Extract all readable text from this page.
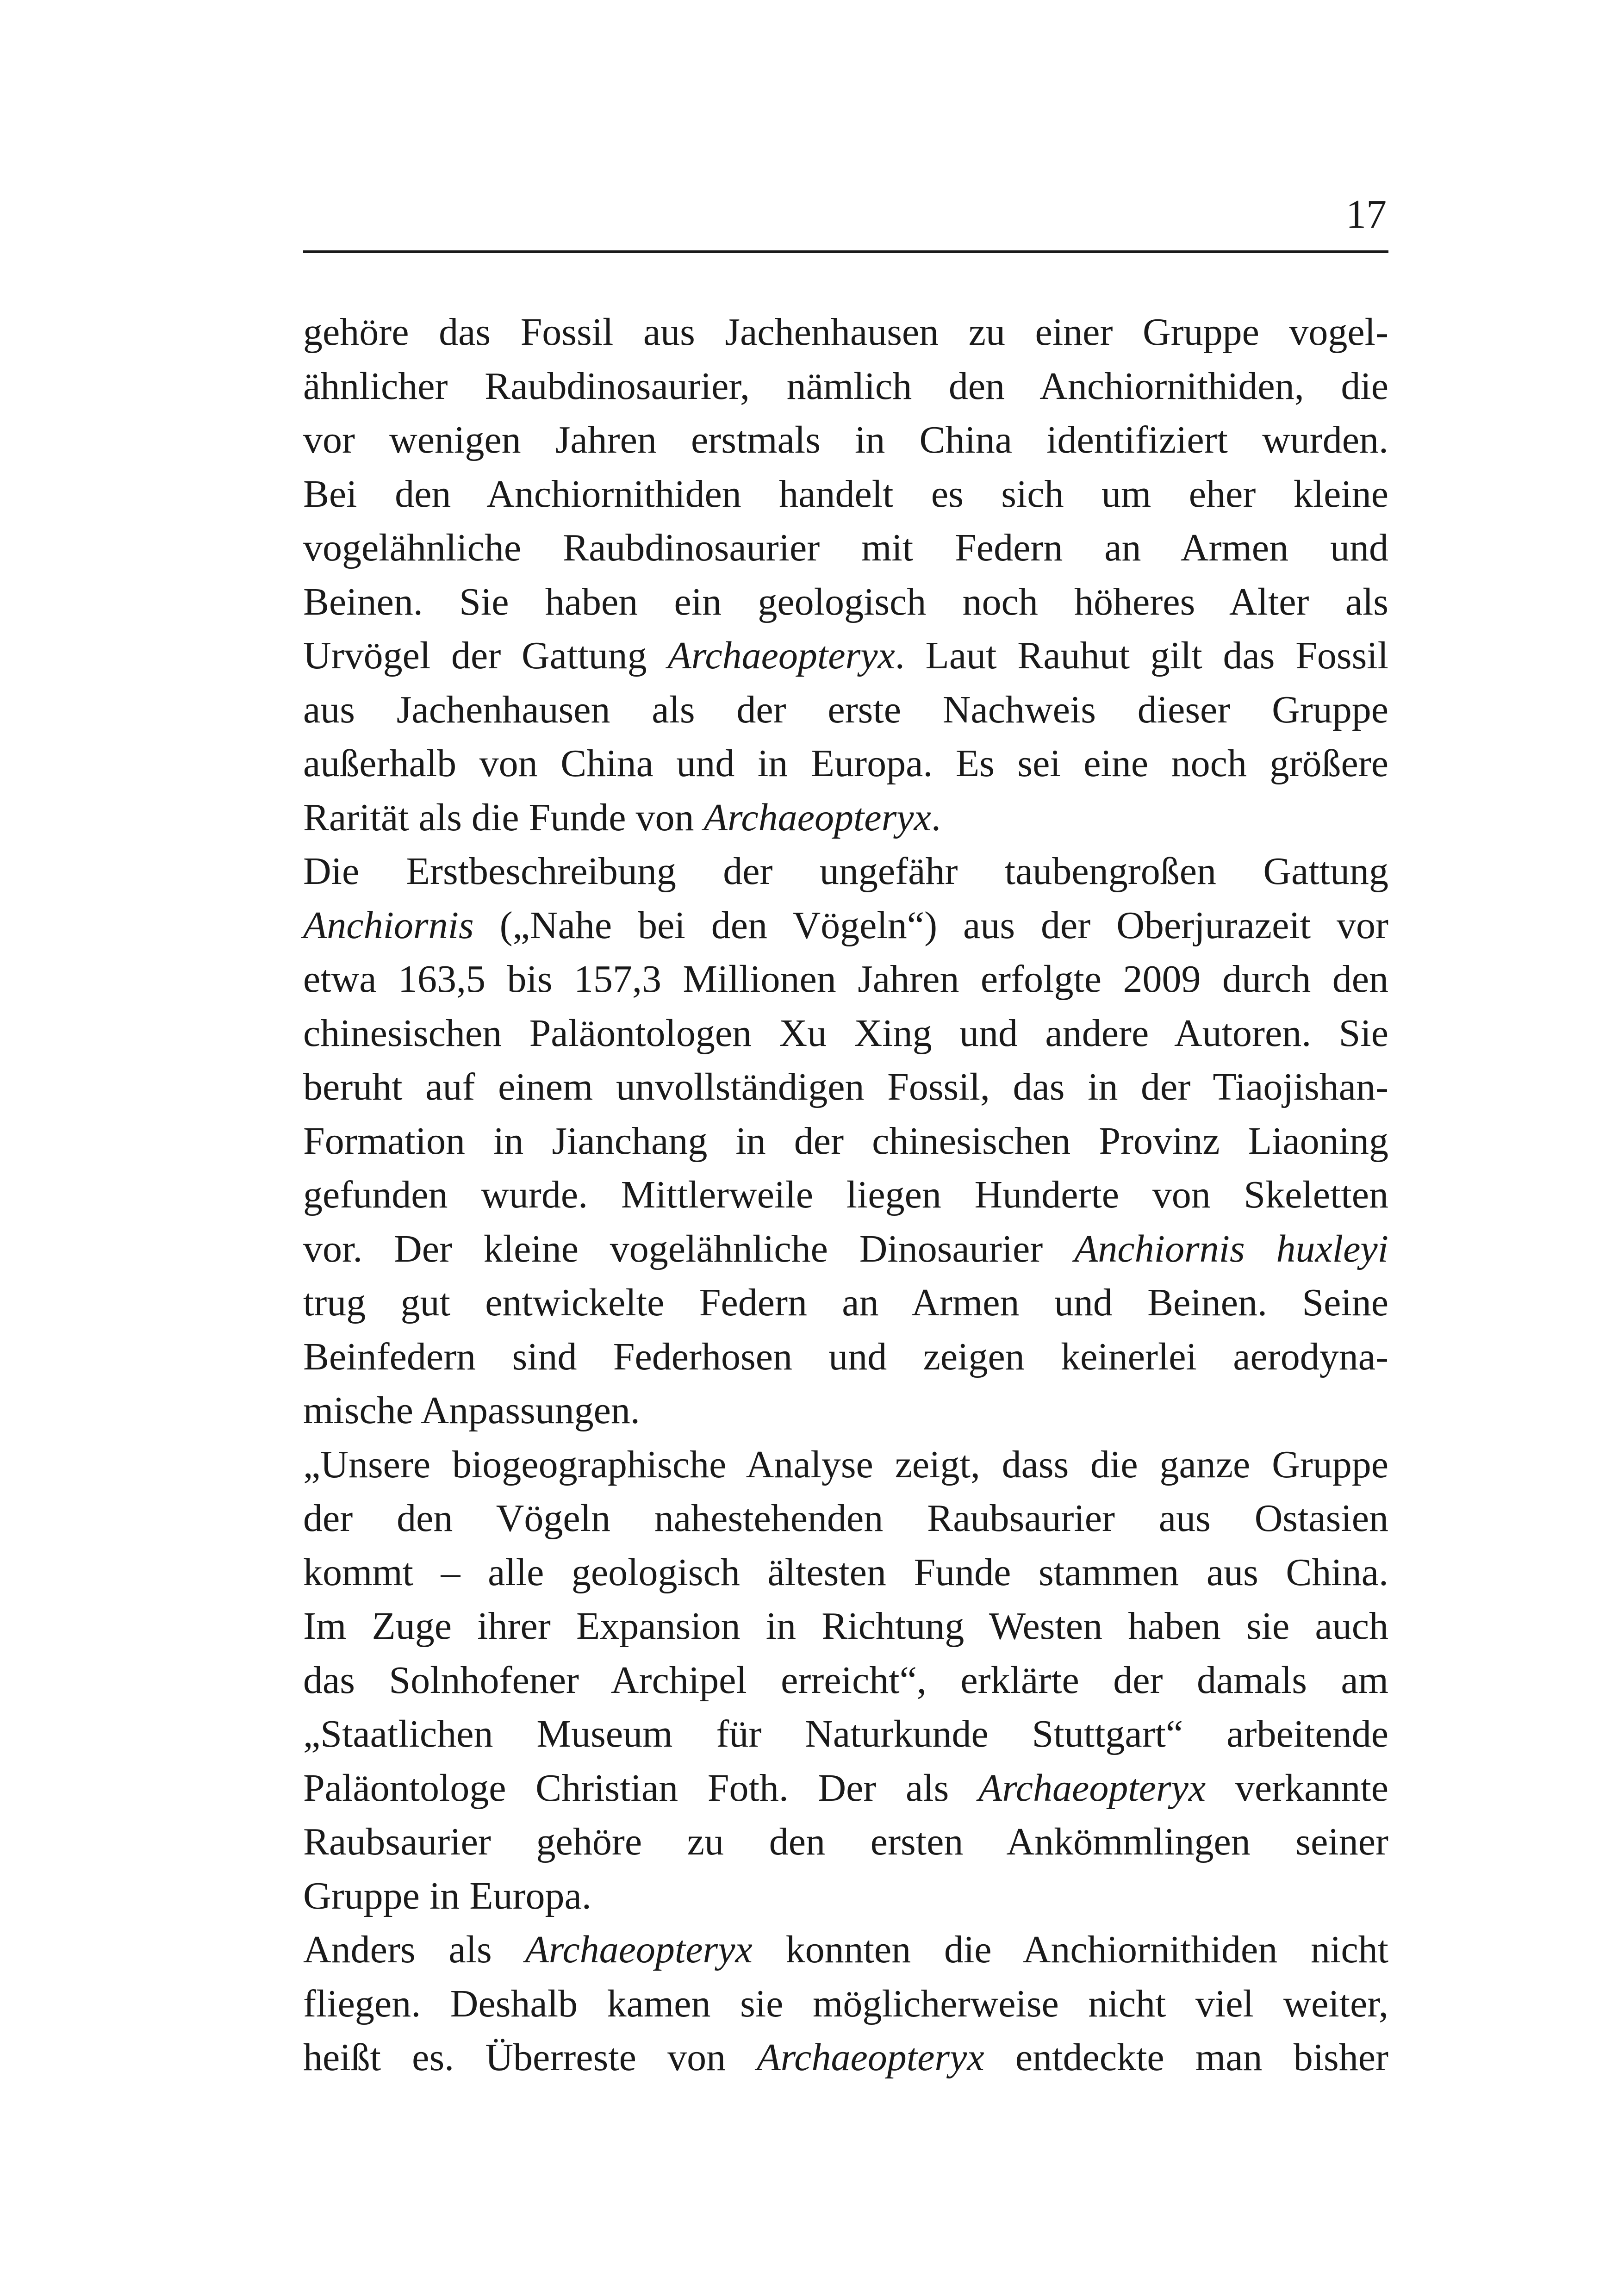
17
gehöre das Fossil aus Jachenhausen zu einer Gruppe vogel-
ähnlicher Raubdinosaurier, nämlich den Anchiornithiden, die
vor wenigen Jahren erstmals in China identifiziert wurden.
Bei den Anchiornithiden handelt es sich um eher kleine
vogelähnliche Raubdinosaurier mit Federn an Armen und
Beinen. Sie haben ein geologisch noch höheres Alter als
Urvögel der Gattung Archaeopteryx. Laut Rauhut gilt das Fossil
aus Jachenhausen als der erste Nachweis dieser Gruppe
außerhalb von China und in Europa. Es sei eine noch größere
Rarität als die Funde von Archaeopteryx.
Die Erstbeschreibung der ungefähr taubengroßen Gattung
Anchiornis („Nahe bei den Vögeln“) aus der Oberjurazeit vor
etwa 163,5 bis 157,3 Millionen Jahren erfolgte 2009 durch den
chinesischen Paläontologen Xu Xing und andere Autoren. Sie
beruht auf einem unvollständigen Fossil, das in der Tiaojishan-
Formation in Jianchang in der chinesischen Provinz Liaoning
gefunden wurde. Mittlerweile liegen Hunderte von Skeletten
vor. Der kleine vogelähnliche Dinosaurier Anchiornis huxleyi
trug gut entwickelte Federn an Armen und Beinen. Seine
Beinfedern sind Federhosen und zeigen keinerlei aerodyna-
mische Anpassungen.
„Unsere biogeographische Analyse zeigt, dass die ganze Gruppe
der den Vögeln nahestehenden Raubsaurier aus Ostasien
kommt – alle geologisch ältesten Funde stammen aus China.
Im Zuge ihrer Expansion in Richtung Westen haben sie auch
das Solnhofener Archipel erreicht“, erklärte der damals am
„Staatlichen Museum für Naturkunde Stuttgart“ arbeitende
Paläontologe Christian Foth. Der als Archaeopteryx verkannte
Raubsaurier gehöre zu den ersten Ankömmlingen seiner
Gruppe in Europa.
Anders als Archaeopteryx konnten die Anchiornithiden nicht
fliegen. Deshalb kamen sie möglicherweise nicht viel weiter,
heißt es. Überreste von Archaeopteryx entdeckte man bisher
